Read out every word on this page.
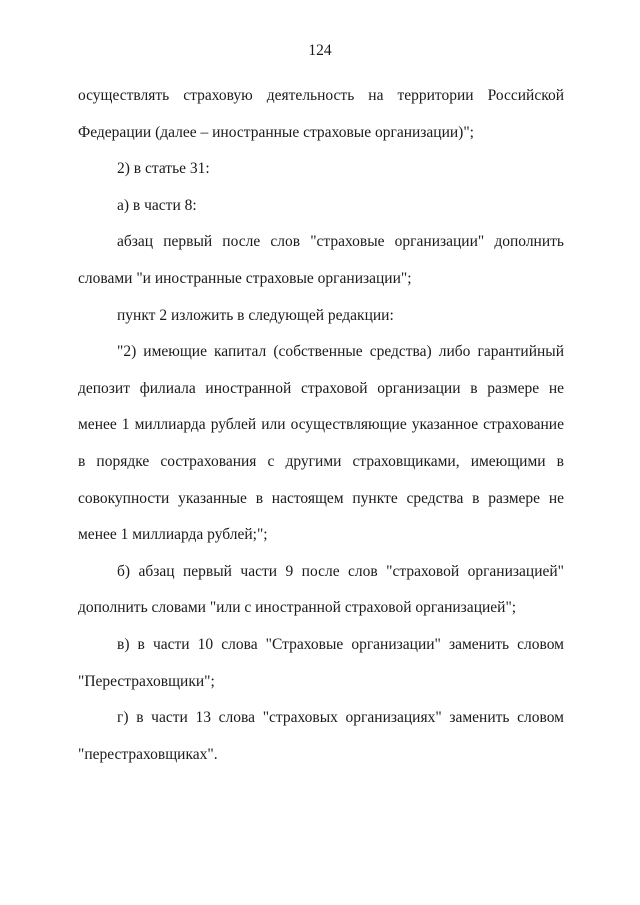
124

осуществлять страховую деятельность на территории Российской Федерации (далее – иностранные страховые организации)";

2) в статье 31:

а) в части 8:

абзац первый после слов "страховые организации" дополнить словами "и иностранные страховые организации";

пункт 2 изложить в следующей редакции:

"2) имеющие капитал (собственные средства) либо гарантийный депозит филиала иностранной страховой организации в размере не менее 1 миллиарда рублей или осуществляющие указанное страхование в порядке сострахования с другими страховщиками, имеющими в совокупности указанные в настоящем пункте средства в размере не менее 1 миллиарда рублей;";

б) абзац первый части 9 после слов "страховой организацией" дополнить словами "или с иностранной страховой организацией";

в) в части 10 слова "Страховые организации" заменить словом "Перестраховщики";

г) в части 13 слова "страховых организациях" заменить словом "перестраховщиках".
